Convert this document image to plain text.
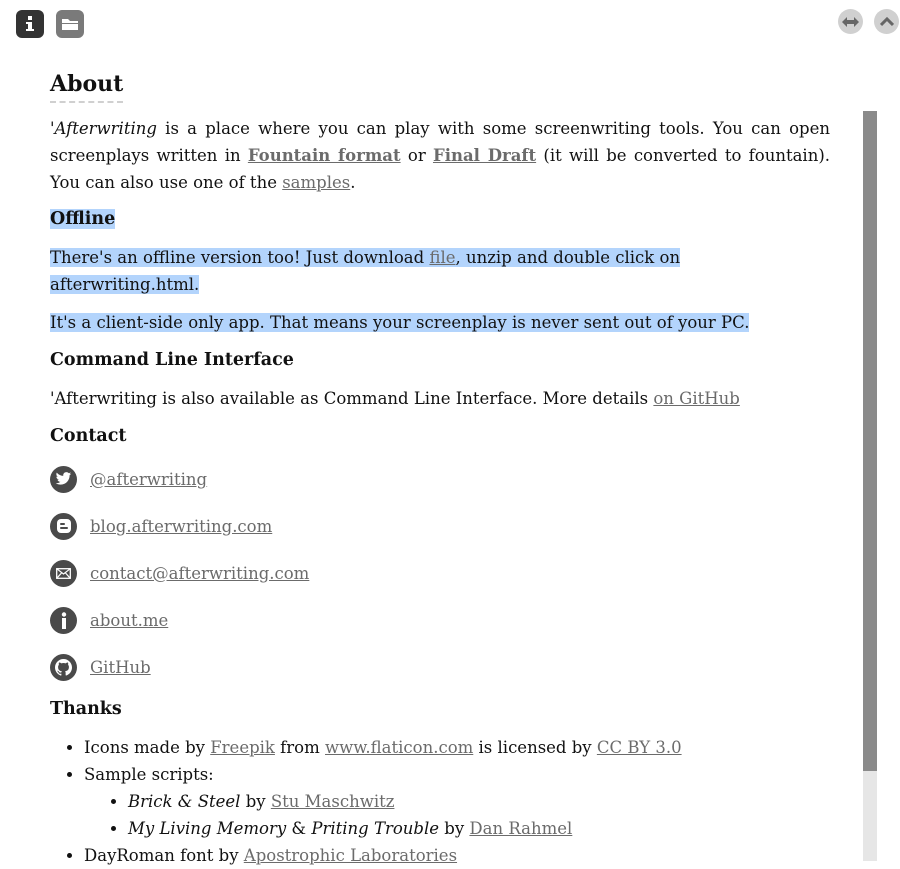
About

'Afterwriting is a place where you can play with some screenwriting tools. You can open screenplays written in Fountain format or Final Draft (it will be converted to fountain). You can also use one of the samples.

Offline

There's an offline version too! Just download file, unzip and double click on afterwriting.html.

It's a client-side only app. That means your screenplay is never sent out of your PC.

Command Line Interface

'Afterwriting is also available as Command Line Interface. More details on GitHub

Contact
@afterwriting
blog.afterwriting.com
contact@afterwriting.com
about.me
GitHub
Thanks
• Icons made by Freepik from www.flaticon.com is licensed by CC BY 3.0
• Sample scripts:
• Brick & Steel by Stu Maschwitz
• My Living Memory & Priting Trouble by Dan Rahmel
• DayRoman font by Apostrophic Laboratories
